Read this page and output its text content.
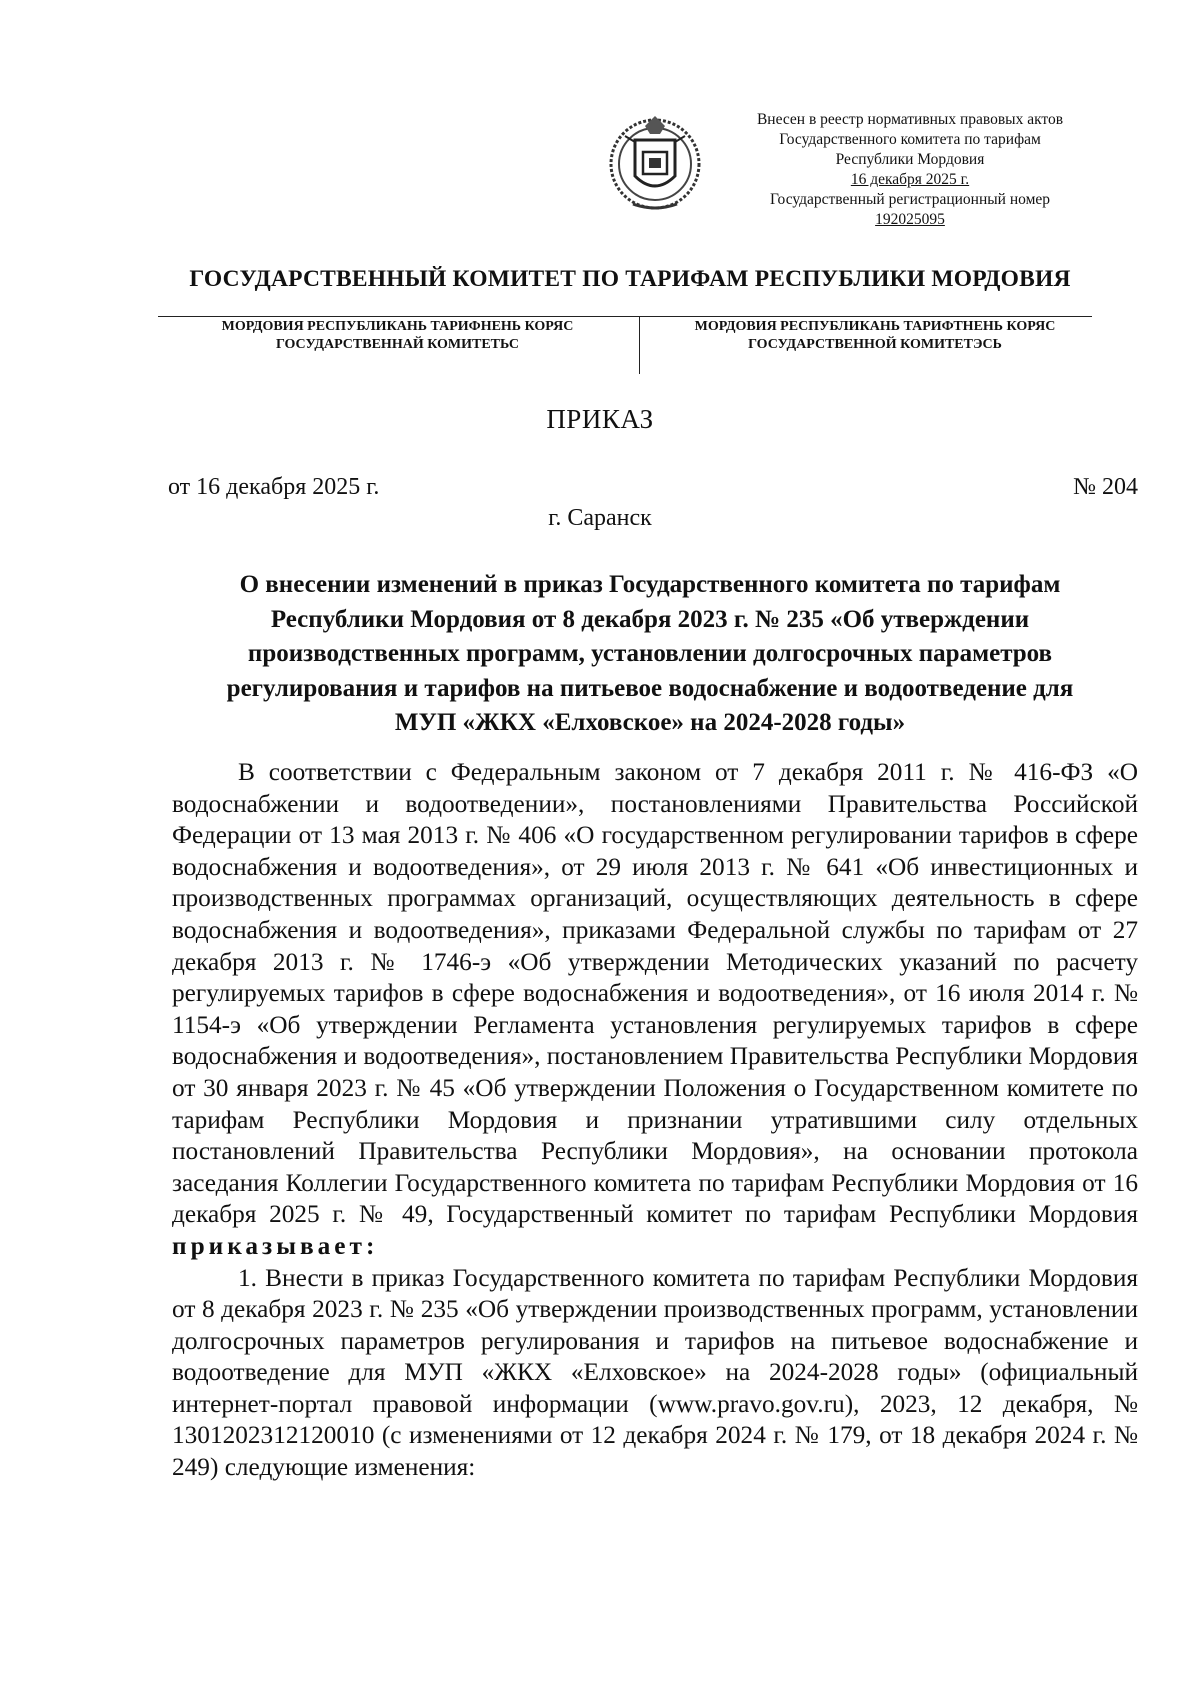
Внесен в реестр нормативных правовых актов
Государственного комитета по тарифам
Республики Мордовия
16 декабря 2025 г.
Государственный регистрационный номер
192025095
ГОСУДАРСТВЕННЫЙ КОМИТЕТ ПО ТАРИФАМ РЕСПУБЛИКИ МОРДОВИЯ
МОРДОВИЯ РЕСПУБЛИКАНЬ ТАРИФНЕНЬ КОРЯС
ГОСУДАРСТВЕННАЙ КОМИТЕТЬС
МОРДОВИЯ РЕСПУБЛИКАНЬ ТАРИФТНЕНЬ КОРЯС
ГОСУДАРСТВЕННОЙ КОМИТЕТЭСЬ
ПРИКАЗ
от 16 декабря 2025 г.	№ 204
г. Саранск
О внесении изменений в приказ Государственного комитета по тарифам
Республики Мордовия от 8 декабря 2023 г. № 235 «Об утверждении
производственных программ, установлении долгосрочных параметров
регулирования и тарифов на питьевое водоснабжение и водоотведение для
МУП «ЖКХ «Елховское» на 2024-2028 годы»

В соответствии с Федеральным законом от 7 декабря 2011 г. № 416-ФЗ «О водоснабжении и водоотведении», постановлениями Правительства Российской Федерации от 13 мая 2013 г. № 406 «О государственном регулировании тарифов в сфере водоснабжения и водоотведения», от 29 июля 2013 г. № 641 «Об инвестиционных и производственных программах организаций, осуществляющих деятельность в сфере водоснабжения и водоотведения», приказами Федеральной службы по тарифам от 27 декабря 2013 г. № 1746-э «Об утверждении Методических указаний по расчету регулируемых тарифов в сфере водоснабжения и водоотведения», от 16 июля 2014 г. № 1154-э «Об утверждении Регламента установления регулируемых тарифов в сфере водоснабжения и водоотведения», постановлением Правительства Республики Мордовия от 30 января 2023 г. № 45 «Об утверждении Положения о Государственном комитете по тарифам Республики Мордовия и признании утратившими силу отдельных постановлений Правительства Республики Мордовия», на основании протокола заседания Коллегии Государственного комитета по тарифам Республики Мордовия от 16 декабря 2025 г. № 49, Государственный комитет по тарифам Республики Мордовия приказывает:

1. Внести в приказ Государственного комитета по тарифам Республики Мордовия от 8 декабря 2023 г. № 235 «Об утверждении производственных программ, установлении долгосрочных параметров регулирования и тарифов на питьевое водоснабжение и водоотведение для МУП «ЖКХ «Елховское» на 2024-2028 годы» (официальный интернет-портал правовой информации (www.pravo.gov.ru), 2023, 12 декабря, № 1301202312120010 (с изменениями от 12 декабря 2024 г. № 179, от 18 декабря 2024 г. № 249) следующие изменения:
